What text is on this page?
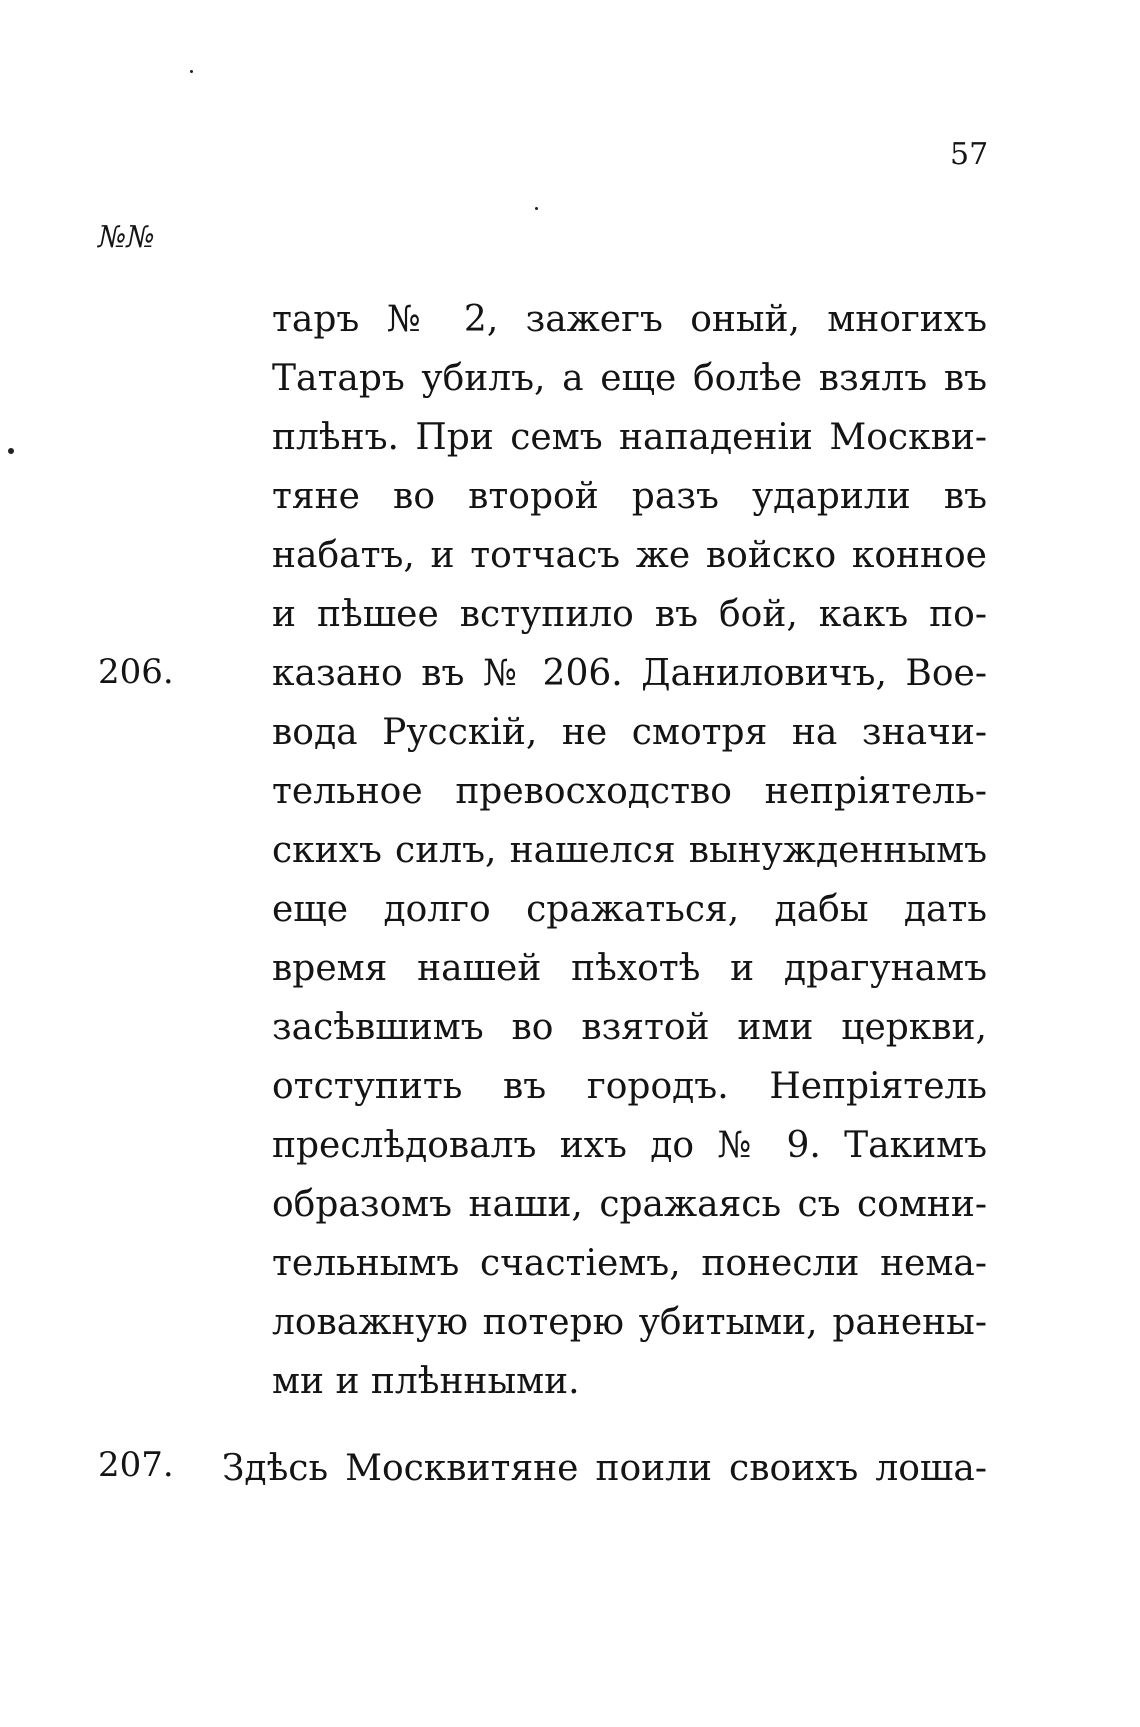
57
№№
206.
207.
таръ № 2, зажегъ оный, многихъ
Татаръ убилъ, а еще болѣе взялъ въ
плѣнъ. При семъ нападеніи Москви-
тяне во второй разъ ударили въ
набатъ, и тотчасъ же войско конное
и пѣшее вступило въ бой, какъ по-
казано въ № 206. Даниловичъ, Вое-
вода Русскій, не смотря на значи-
тельное превосходство непріятель-
скихъ силъ, нашелся вынужденнымъ
еще долго сражаться, дабы дать
время нашей пѣхотѣ и драгунамъ
засѣвшимъ во взятой ими церкви,
отступить въ городъ. Непріятель
преслѣдовалъ ихъ до № 9. Такимъ
образомъ наши, сражаясь съ сомни-
тельнымъ счастіемъ, понесли нема-
ловажную потерю убитыми, ранены-
ми и плѣнными.
Здѣсь Москвитяне поили своихъ лоша-
